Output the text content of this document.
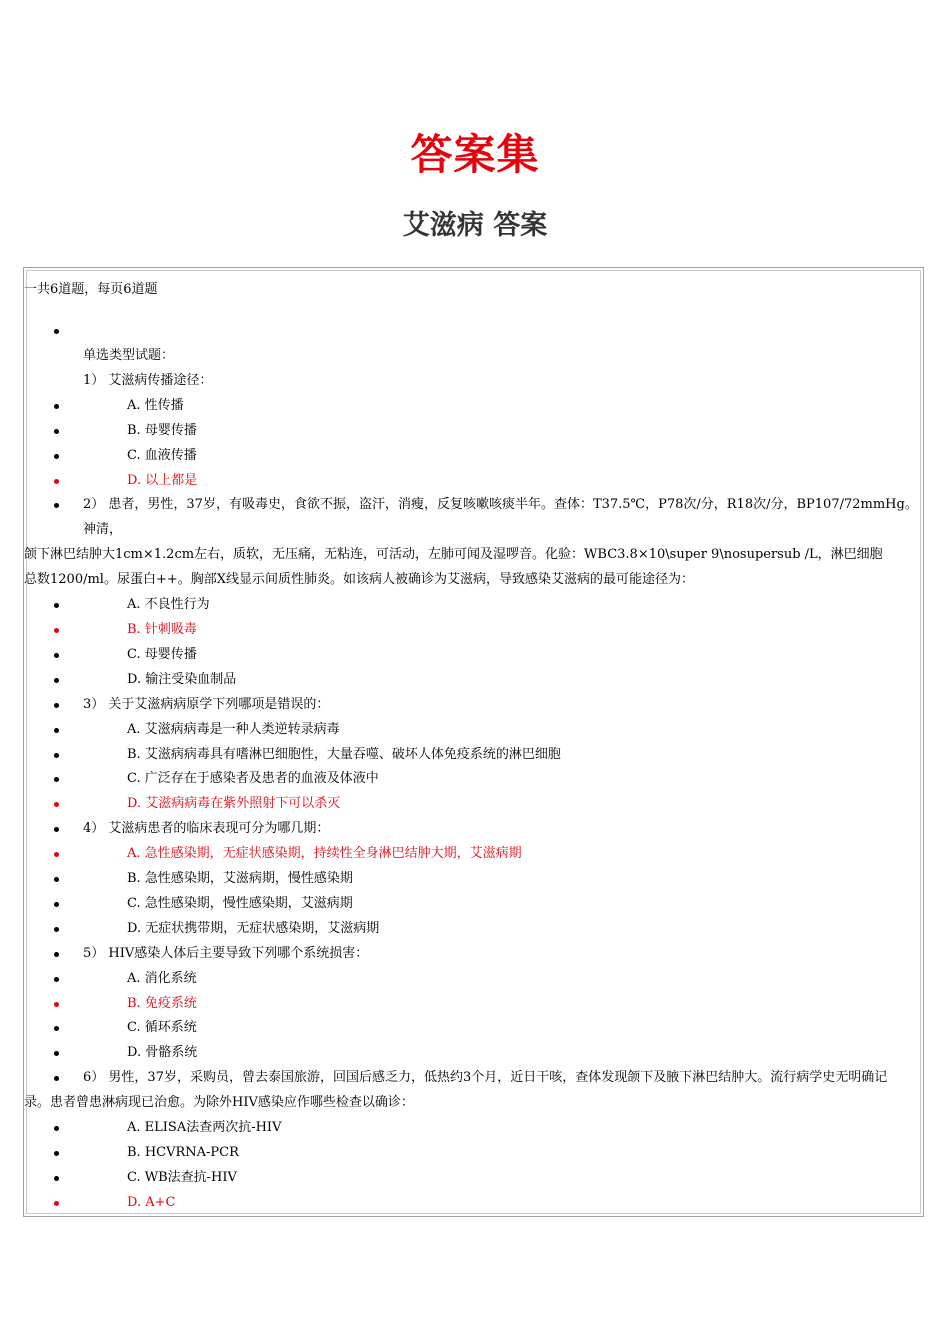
答案集
艾滋病 答案
一共6道题，每页6道题
单选类型试题：
1） 艾滋病传播途径：
A. 性传播
B. 母婴传播
C. 血液传播
D. 以上都是
2） 患者，男性，37岁，有吸毒史，食欲不振，盗汗，消瘦，反复咳嗽咳痰半年。查体：T37.5℃，P78次/分，R18次/分，BP107/72mmHg。神清，
颌下淋巴结肿大1cm×1.2cm左右，质软，无压痛，无粘连，可活动，左肺可闻及湿啰音。化验：WBC3.8×10\super 9\nosupersub /L，淋巴细胞
总数1200/ml。尿蛋白++。胸部X线显示间质性肺炎。如该病人被确诊为艾滋病，导致感染艾滋病的最可能途径为：
A. 不良性行为
B. 针刺吸毒
C. 母婴传播
D. 输注受染血制品
3） 关于艾滋病病原学下列哪项是错误的：
A. 艾滋病病毒是一种人类逆转录病毒
B. 艾滋病病毒具有嗜淋巴细胞性，大量吞噬、破坏人体免疫系统的淋巴细胞
C. 广泛存在于感染者及患者的血液及体液中
D. 艾滋病病毒在紫外照射下可以杀灭
4） 艾滋病患者的临床表现可分为哪几期：
A. 急性感染期，无症状感染期，持续性全身淋巴结肿大期，艾滋病期
B. 急性感染期，艾滋病期，慢性感染期
C. 急性感染期，慢性感染期，艾滋病期
D. 无症状携带期，无症状感染期，艾滋病期
5） HIV感染人体后主要导致下列哪个系统损害：
A. 消化系统
B. 免疫系统
C. 循环系统
D. 骨骼系统
6） 男性，37岁，采购员，曾去泰国旅游，回国后感乏力，低热约3个月，近日干咳，查体发现颌下及腋下淋巴结肿大。流行病学史无明确记
录。患者曾患淋病现已治愈。为除外HIV感染应作哪些检查以确诊：
A. ELISA法查两次抗-HIV
B. HCVRNA-PCR
C. WB法查抗-HIV
D. A+C
